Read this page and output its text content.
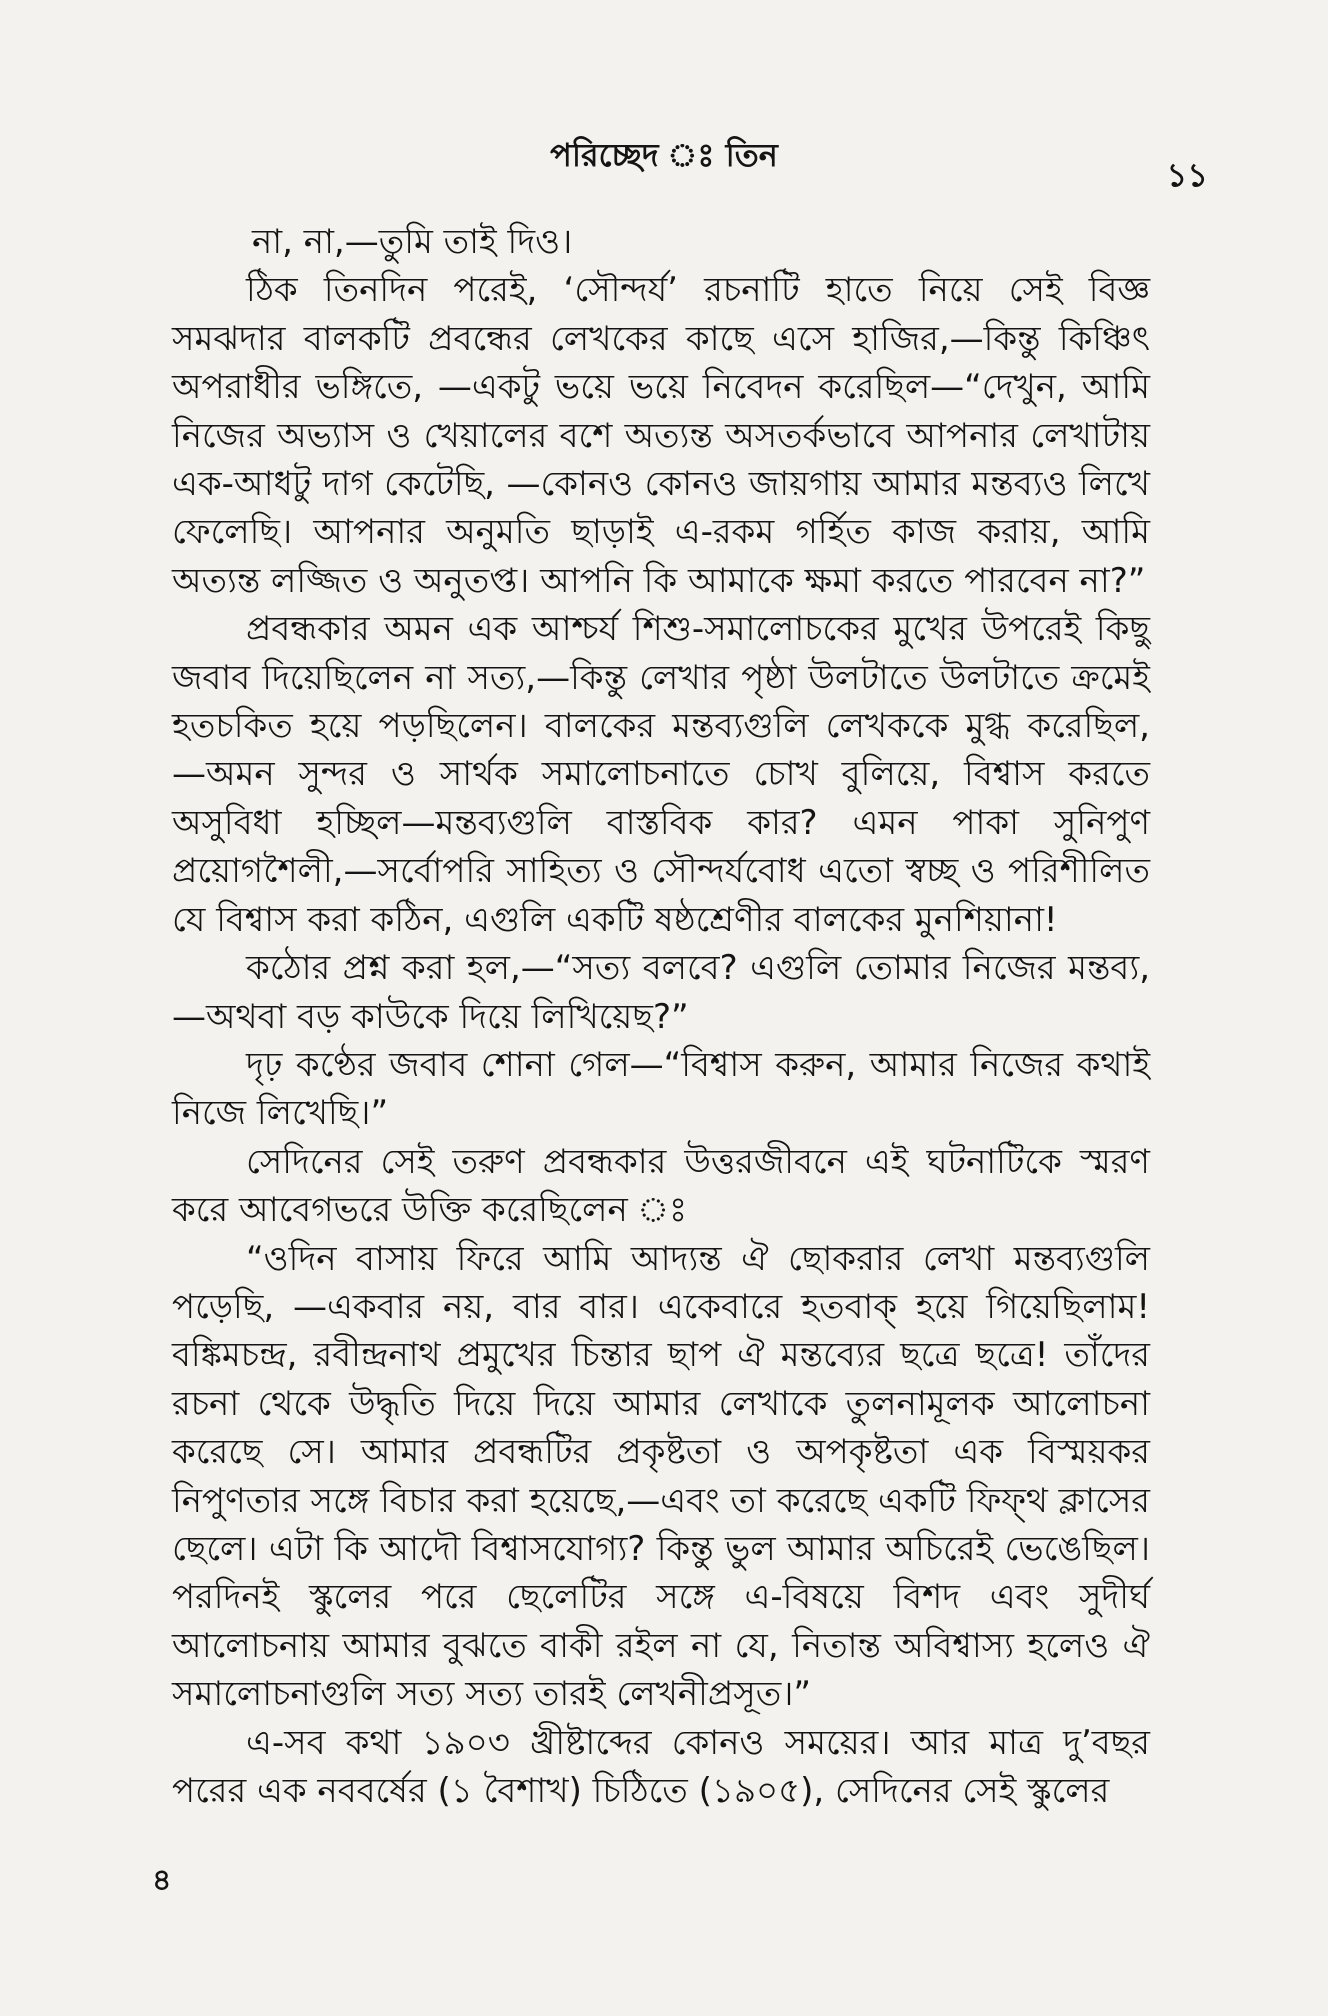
পরিচ্ছেদ ঃ তিন
১১

না, না,—তুমি তাই দিও।

ঠিক তিনদিন পরেই, ‘সৌন্দর্য’ রচনাটি হাতে নিয়ে সেই বিজ্ঞ সমঝদার বালকটি প্রবন্ধের লেখকের কাছে এসে হাজির,—কিন্তু কিঞ্চিৎ অপরাধীর ভঙ্গিতে, —একটু ভয়ে ভয়ে নিবেদন করেছিল—“দেখুন, আমি নিজের অভ্যাস ও খেয়ালের বশে অত্যন্ত অসতর্কভাবে আপনার লেখাটায় এক-আধটু দাগ কেটেছি, —কোনও কোনও জায়গায় আমার মন্তব্যও লিখে ফেলেছি। আপনার অনুমতি ছাড়াই এ-রকম গর্হিত কাজ করায়, আমি অত্যন্ত লজ্জিত ও অনুতপ্ত। আপনি কি আমাকে ক্ষমা করতে পারবেন না?”

প্রবন্ধকার অমন এক আশ্চর্য শিশু-সমালোচকের মুখের উপরেই কিছু জবাব দিয়েছিলেন না সত্য,—কিন্তু লেখার পৃষ্ঠা উলটাতে উলটাতে ক্রমেই হতচকিত হয়ে পড়ছিলেন। বালকের মন্তব্যগুলি লেখককে মুগ্ধ করেছিল, —অমন সুন্দর ও সার্থক সমালোচনাতে চোখ বুলিয়ে, বিশ্বাস করতে অসুবিধা হচ্ছিল—মন্তব্যগুলি বাস্তবিক কার? এমন পাকা সুনিপুণ প্রয়োগশৈলী,—সর্বোপরি সাহিত্য ও সৌন্দর্যবোধ এতো স্বচ্ছ ও পরিশীলিত যে বিশ্বাস করা কঠিন, এগুলি একটি ষষ্ঠশ্রেণীর বালকের মুনশিয়ানা!

কঠোর প্রশ্ন করা হল,—“সত্য বলবে? এগুলি তোমার নিজের মন্তব্য, —অথবা বড় কাউকে দিয়ে লিখিয়েছ?”

দৃঢ় কণ্ঠের জবাব শোনা গেল—“বিশ্বাস করুন, আমার নিজের কথাই নিজে লিখেছি।”

সেদিনের সেই তরুণ প্রবন্ধকার উত্তরজীবনে এই ঘটনাটিকে স্মরণ করে আবেগভরে উক্তি করেছিলেন ঃ

“ওদিন বাসায় ফিরে আমি আদ্যন্ত ঐ ছোকরার লেখা মন্তব্যগুলি পড়েছি, —একবার নয়, বার বার। একেবারে হতবাক্ হয়ে গিয়েছিলাম! বঙ্কিমচন্দ্র, রবীন্দ্রনাথ প্রমুখের চিন্তার ছাপ ঐ মন্তব্যের ছত্রে ছত্রে! তাঁদের রচনা থেকে উদ্ধৃতি দিয়ে দিয়ে আমার লেখাকে তুলনামূলক আলোচনা করেছে সে। আমার প্রবন্ধটির প্রকৃষ্টতা ও অপকৃষ্টতা এক বিস্ময়কর নিপুণতার সঙ্গে বিচার করা হয়েছে,—এবং তা করেছে একটি ফিফ্থ ক্লাসের ছেলে। এটা কি আদৌ বিশ্বাসযোগ্য? কিন্তু ভুল আমার অচিরেই ভেঙেছিল। পরদিনই স্কুলের পরে ছেলেটির সঙ্গে এ-বিষয়ে বিশদ এবং সুদীর্ঘ আলোচনায় আমার বুঝতে বাকী রইল না যে, নিতান্ত অবিশ্বাস্য হলেও ঐ সমালোচনাগুলি সত্য সত্য তারই লেখনীপ্রসূত।”

এ-সব কথা ১৯০৩ খ্রীষ্টাব্দের কোনও সময়ের। আর মাত্র দু’বছর পরের এক নববর্ষের (১ বৈশাখ) চিঠিতে (১৯০৫), সেদিনের সেই স্কুলের

৪
